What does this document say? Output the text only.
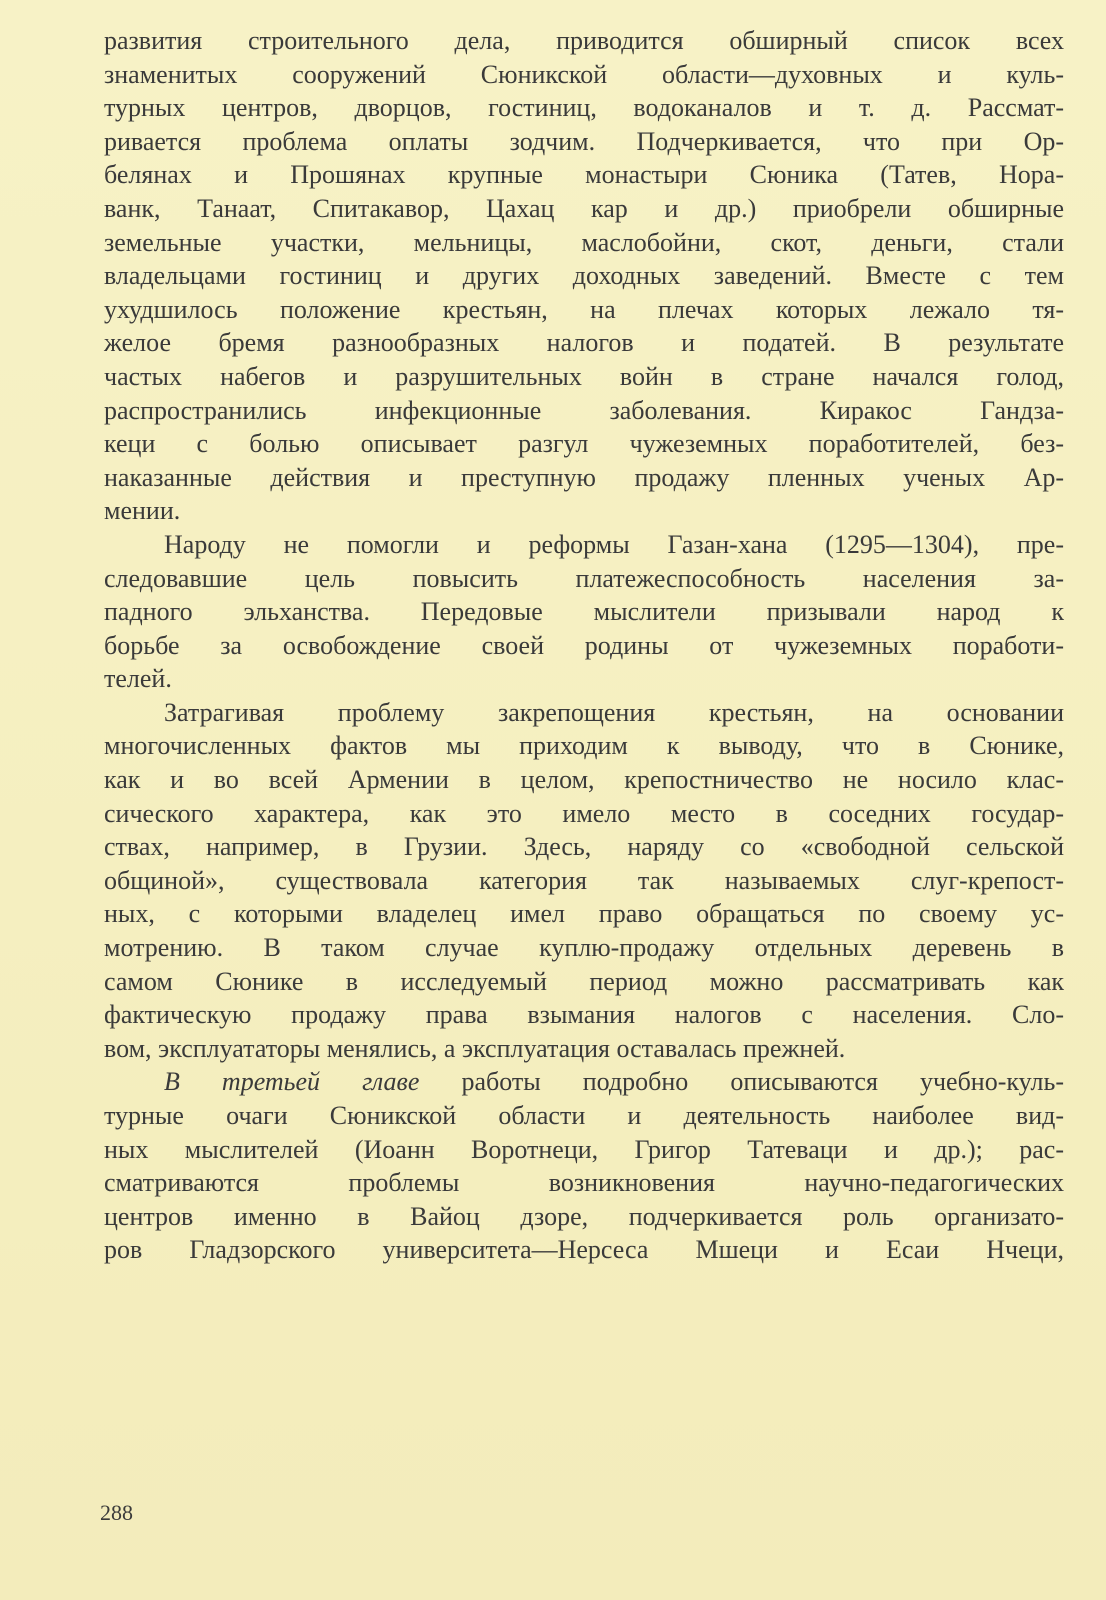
развития строительного дела, приводится обширный список всех
знаменитых сооружений Сюникской области—духовных и куль-
турных центров, дворцов, гостиниц, водоканалов и т. д. Рассмат-
ривается проблема оплаты зодчим. Подчеркивается, что при Ор-
белянах и Прошянах крупные монастыри Сюника (Татев, Нора-
ванк, Танаат, Спитакавор, Цахац кар и др.) приобрели обширные
земельные участки, мельницы, маслобойни, скот, деньги, стали
владельцами гостиниц и других доходных заведений. Вместе с тем
ухудшилось положение крестьян, на плечах которых лежало тя-
желое бремя разнообразных налогов и податей. В результате
частых набегов и разрушительных войн в стране начался голод,
распространились инфекционные заболевания. Киракос Гандза-
кеци с болью описывает разгул чужеземных поработителей, без-
наказанные действия и преступную продажу пленных ученых Ар-
мении.
Народу не помогли и реформы Газан-хана (1295—1304), пре-
следовавшие цель повысить платежеспособность населения за-
падного эльханства. Передовые мыслители призывали народ к
борьбе за освобождение своей родины от чужеземных поработи-
телей.
Затрагивая проблему закрепощения крестьян, на основании
многочисленных фактов мы приходим к выводу, что в Сюнике,
как и во всей Армении в целом, крепостничество не носило клас-
сического характера, как это имело место в соседних государ-
ствах, например, в Грузии. Здесь, наряду со «свободной сельской
общиной», существовала категория так называемых слуг-крепост-
ных, с которыми владелец имел право обращаться по своему ус-
мотрению. В таком случае куплю-продажу отдельных деревень в
самом Сюнике в исследуемый период можно рассматривать как
фактическую продажу права взымания налогов с населения. Сло-
вом, эксплуататоры менялись, а эксплуатация оставалась прежней.
В третьей главе работы подробно описываются учебно-куль-
турные очаги Сюникской области и деятельность наиболее вид-
ных мыслителей (Иоанн Воротнеци, Григор Татеваци и др.); рас-
сматриваются проблемы возникновения научно-педагогических
центров именно в Вайоц дзоре, подчеркивается роль организато-
ров Гладзорского университета—Нерсеса Мшеци и Есаи Нчеци,
288
